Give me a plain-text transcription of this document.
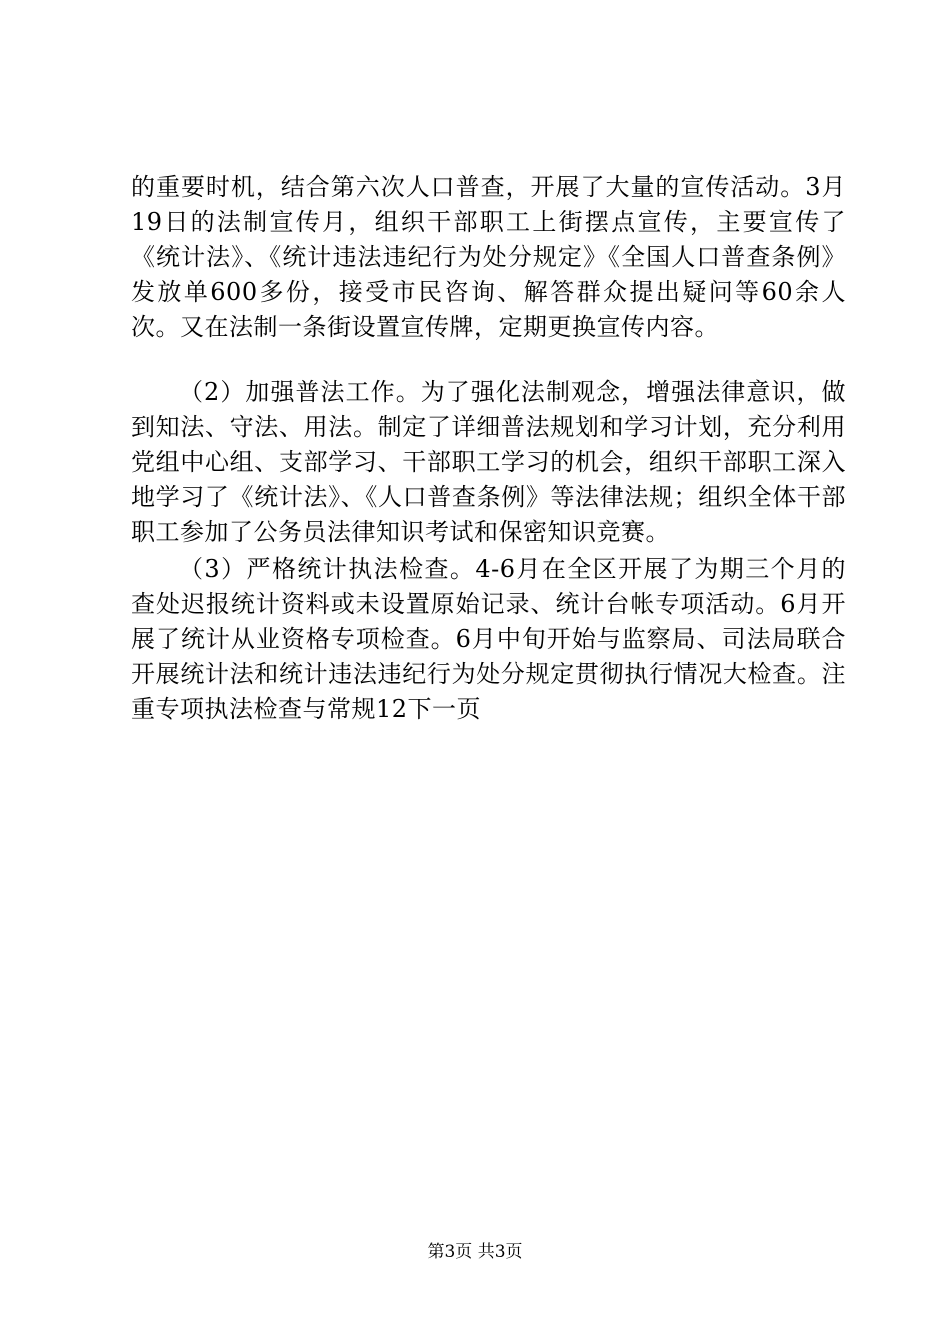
的重要时机，结合第六次人口普查，开展了大量的宣传活动。3月19日的法制宣传月，组织干部职工上街摆点宣传，主要宣传了《统计法》、《统计违法违纪行为处分规定》《全国人口普查条例》发放单600多份，接受市民咨询、解答群众提出疑问等60余人次。又在法制一条街设置宣传牌，定期更换宣传内容。

（2）加强普法工作。为了强化法制观念，增强法律意识，做到知法、守法、用法。制定了详细普法规划和学习计划，充分利用党组中心组、支部学习、干部职工学习的机会，组织干部职工深入地学习了《统计法》、《人口普查条例》等法律法规；组织全体干部职工参加了公务员法律知识考试和保密知识竞赛。

（3）严格统计执法检查。4-6月在全区开展了为期三个月的查处迟报统计资料或未设置原始记录、统计台帐专项活动。6月开展了统计从业资格专项检查。6月中旬开始与监察局、司法局联合开展统计法和统计违法违纪行为处分规定贯彻执行情况大检查。注重专项执法检查与常规12下一页

第3页 共3页
